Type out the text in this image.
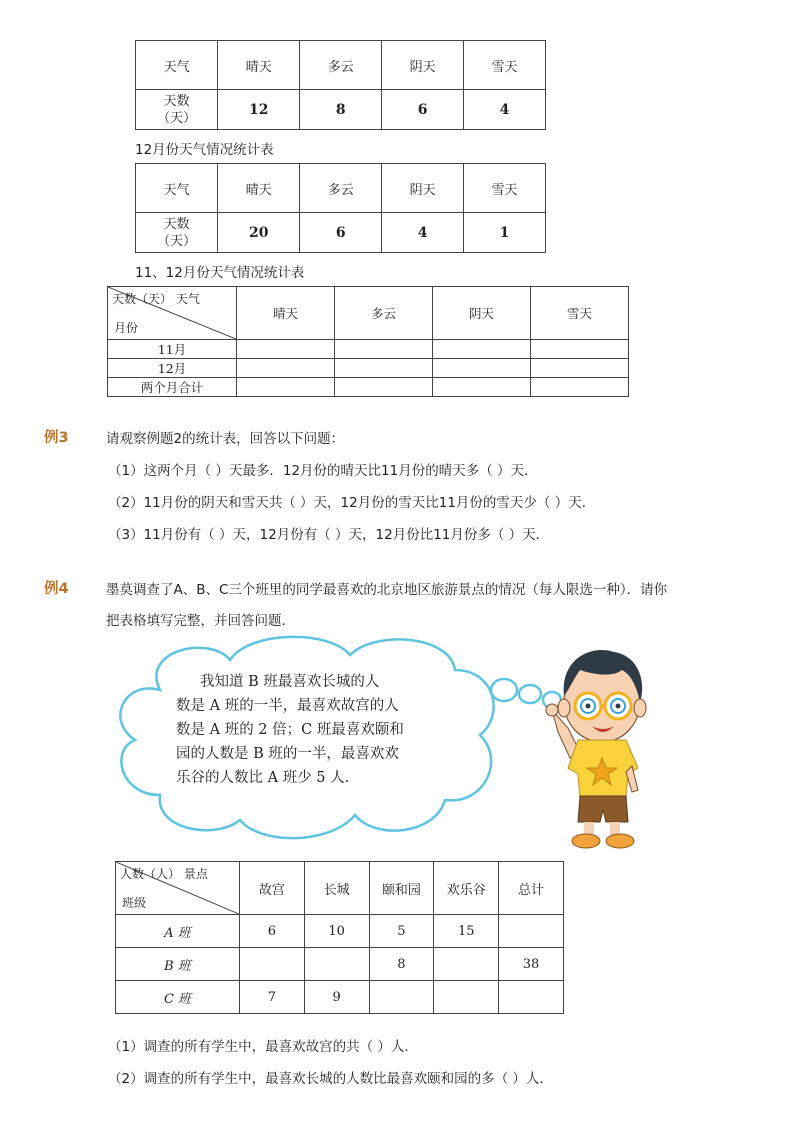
天气	晴天	多云	阴天	雪天

天数
（天）	12	8	6	4
12月份天气情况统计表
天气	晴天	多云	阴天	雪天

天数
（天）	20	6	4	1
11、12月份天气情况统计表
天数（天） 天气
月份	晴天	多云	阴天	雪天
11月				
12月				
两个月合计				
例3	请观察例题2的统计表，回答以下问题：
（1）这两个月（ ）天最多．12月份的晴天比11月份的晴天多（ ）天．
（2）11月份的阴天和雪天共（ ）天，12月份的雪天比11月份的雪天少（ ）天．
（3）11月份有（ ）天，12月份有（ ）天，12月份比11月份多（ ）天．
例4	墨莫调查了A、B、C三个班里的同学最喜欢的北京地区旅游景点的情况（每人限选一种）．请你
把表格填写完整，并回答问题．
我知道 B 班最喜欢长城的人
数是 A 班的一半，最喜欢故宫的人
数是 A 班的 2 倍；C 班最喜欢颐和
园的人数是 B 班的一半，最喜欢欢
乐谷的人数比 A 班少 5 人.
人数（人） 景点
班级	故宫	长城	颐和园	欢乐谷	总计
A 班	6	10	5	15	
B 班			8		38
C 班	7	9			
（1）调查的所有学生中，最喜欢故宫的共（ ）人．
（2）调查的所有学生中，最喜欢长城的人数比最喜欢颐和园的多（ ）人．
